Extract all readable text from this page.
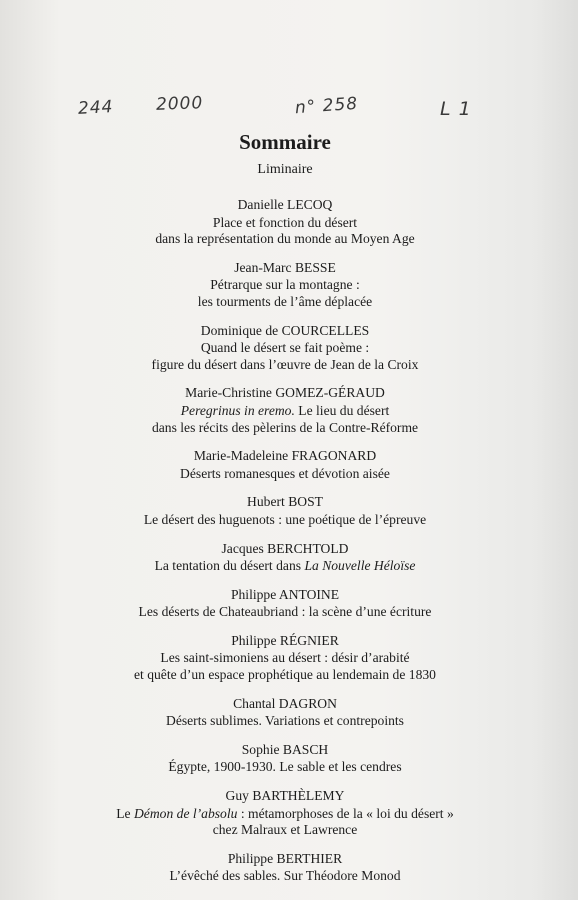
244 2000	n° 258	L 1
Sommaire
Liminaire
Danielle LECOQ
Place et fonction du désert
dans la représentation du monde au Moyen Age
Jean-Marc BESSE
Pétrarque sur la montagne :
les tourments de l’âme déplacée
Dominique de COURCELLES
Quand le désert se fait poème :
figure du désert dans l’œuvre de Jean de la Croix
Marie-Christine GOMEZ-GÉRAUD
Peregrinus in eremo. Le lieu du désert
dans les récits des pèlerins de la Contre-Réforme
Marie-Madeleine FRAGONARD
Déserts romanesques et dévotion aisée
Hubert BOST
Le désert des huguenots : une poétique de l’épreuve
Jacques BERCHTOLD
La tentation du désert dans La Nouvelle Héloïse
Philippe ANTOINE
Les déserts de Chateaubriand : la scène d’une écriture
Philippe RÉGNIER
Les saint-simoniens au désert : désir d’arabité
et quête d’un espace prophétique au lendemain de 1830
Chantal DAGRON
Déserts sublimes. Variations et contrepoints
Sophie BASCH
Égypte, 1900-1930. Le sable et les cendres
Guy BARTHÈLEMY
Le Démon de l’absolu : métamorphoses de la « loi du désert »
chez Malraux et Lawrence
Philippe BERTHIER
L’évêché des sables. Sur Théodore Monod
